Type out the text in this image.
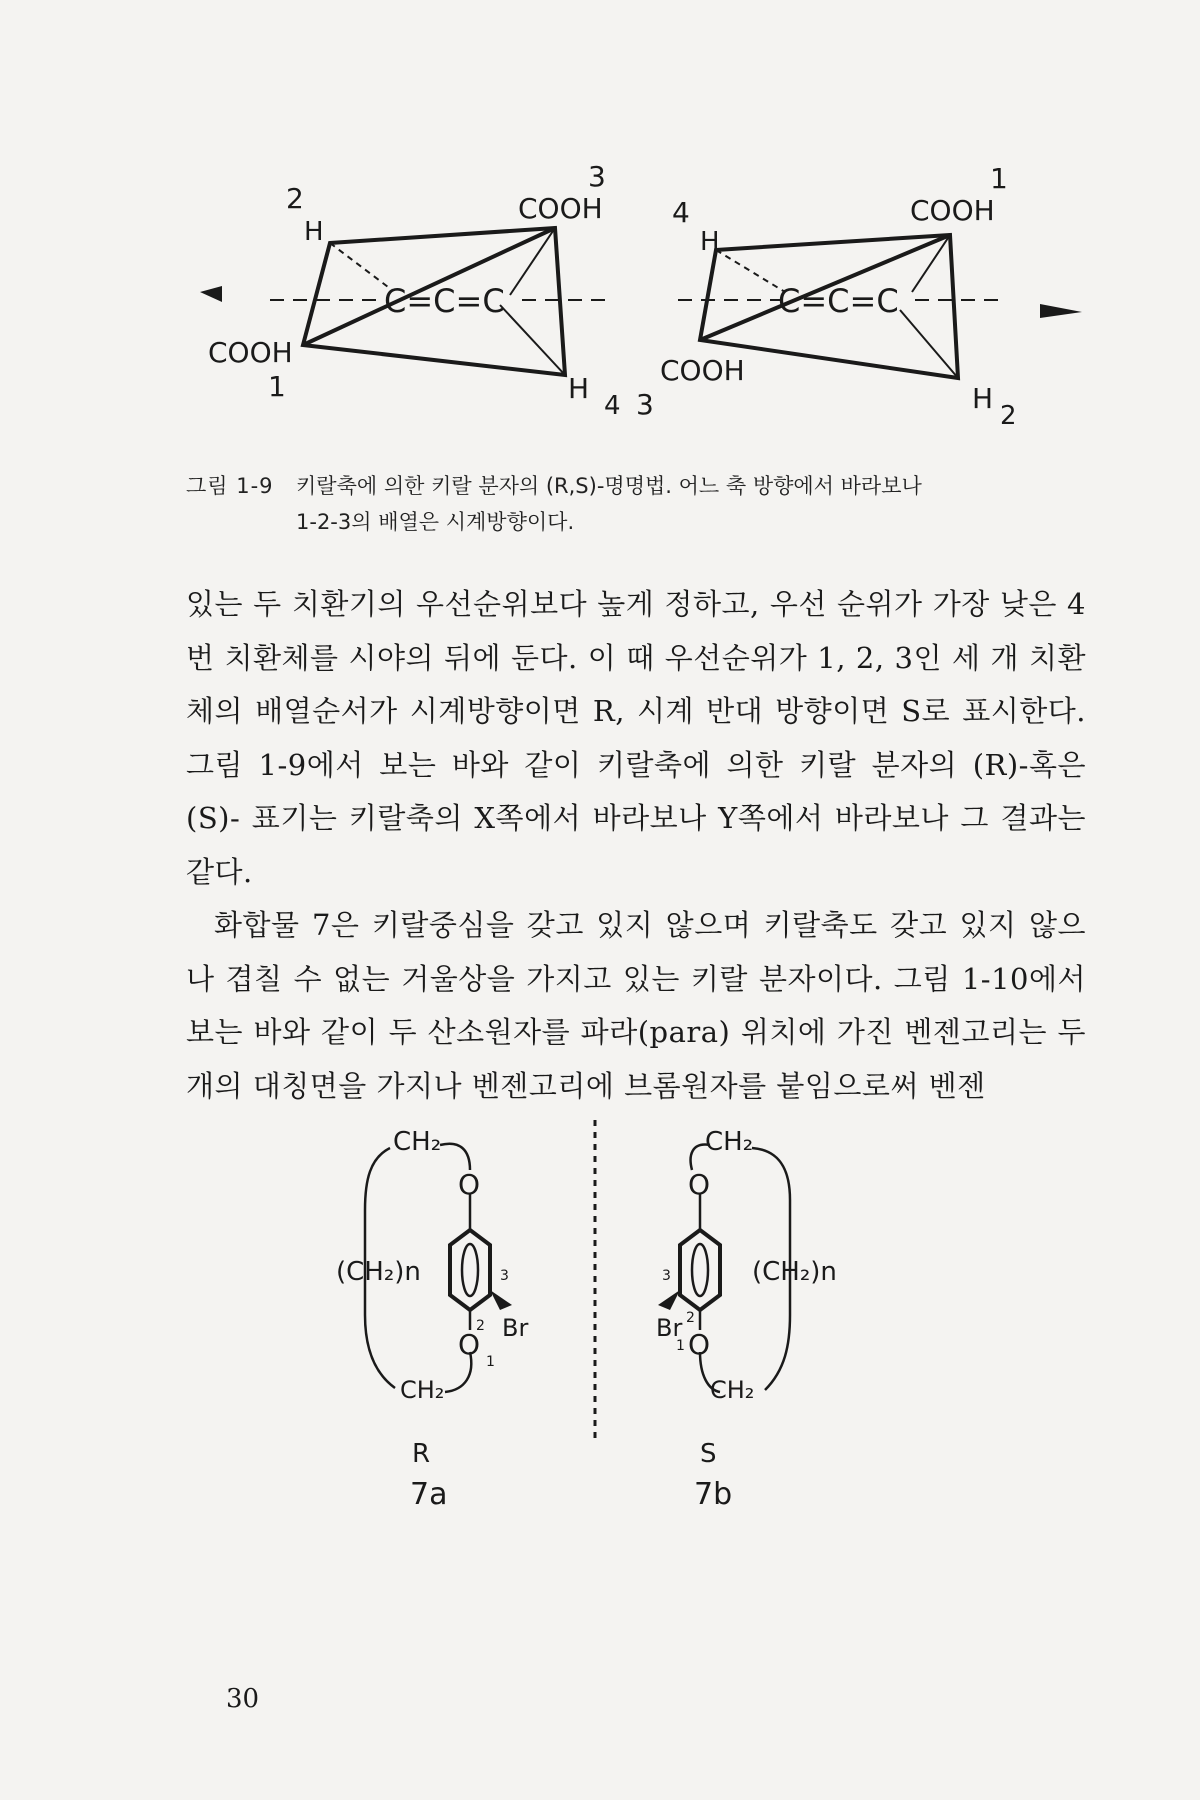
3
COOH
2
H
C=C=C
COOH
1	H
4
1
COOH
4
H
C=C=C
COOH
3	H
2
그림 1-9 키랄축에 의한 키랄 분자의 (R,S)-명명법. 어느 축 방향에서 바라보나
1-2-3의 배열은 시계방향이다.

있는 두 치환기의 우선순위보다 높게 정하고, 우선 순위가 가장 낮은 4번 치환체를 시야의 뒤에 둔다. 이 때 우선순위가 1, 2, 3인 세 개 치환체의 배열순서가 시계방향이면 R, 시계 반대 방향이면 S로 표시한다. 그림 1-9에서 보는 바와 같이 키랄축에 의한 키랄 분자의 (R)-혹은 (S)- 표기는 키랄축의 X쪽에서 바라보나 Y쪽에서 바라보나 그 결과는 같다.

화합물 7은 키랄중심을 갖고 있지 않으며 키랄축도 갖고 있지 않으나 겹칠 수 없는 거울상을 가지고 있는 키랄 분자이다. 그림 1-10에서 보는 바와 같이 두 산소원자를 파라(para) 위치에 가진 벤젠고리는 두 개의 대칭면을 가지나 벤젠고리에 브롬원자를 붙임으로써 벤젠

CH₂
O
(CH₂)n	3
2 Br
O
1
CH₂
R
7a
CH₂
O
(CH₂)n
3
Br 2
1 O
CH₂
S
7b
30
